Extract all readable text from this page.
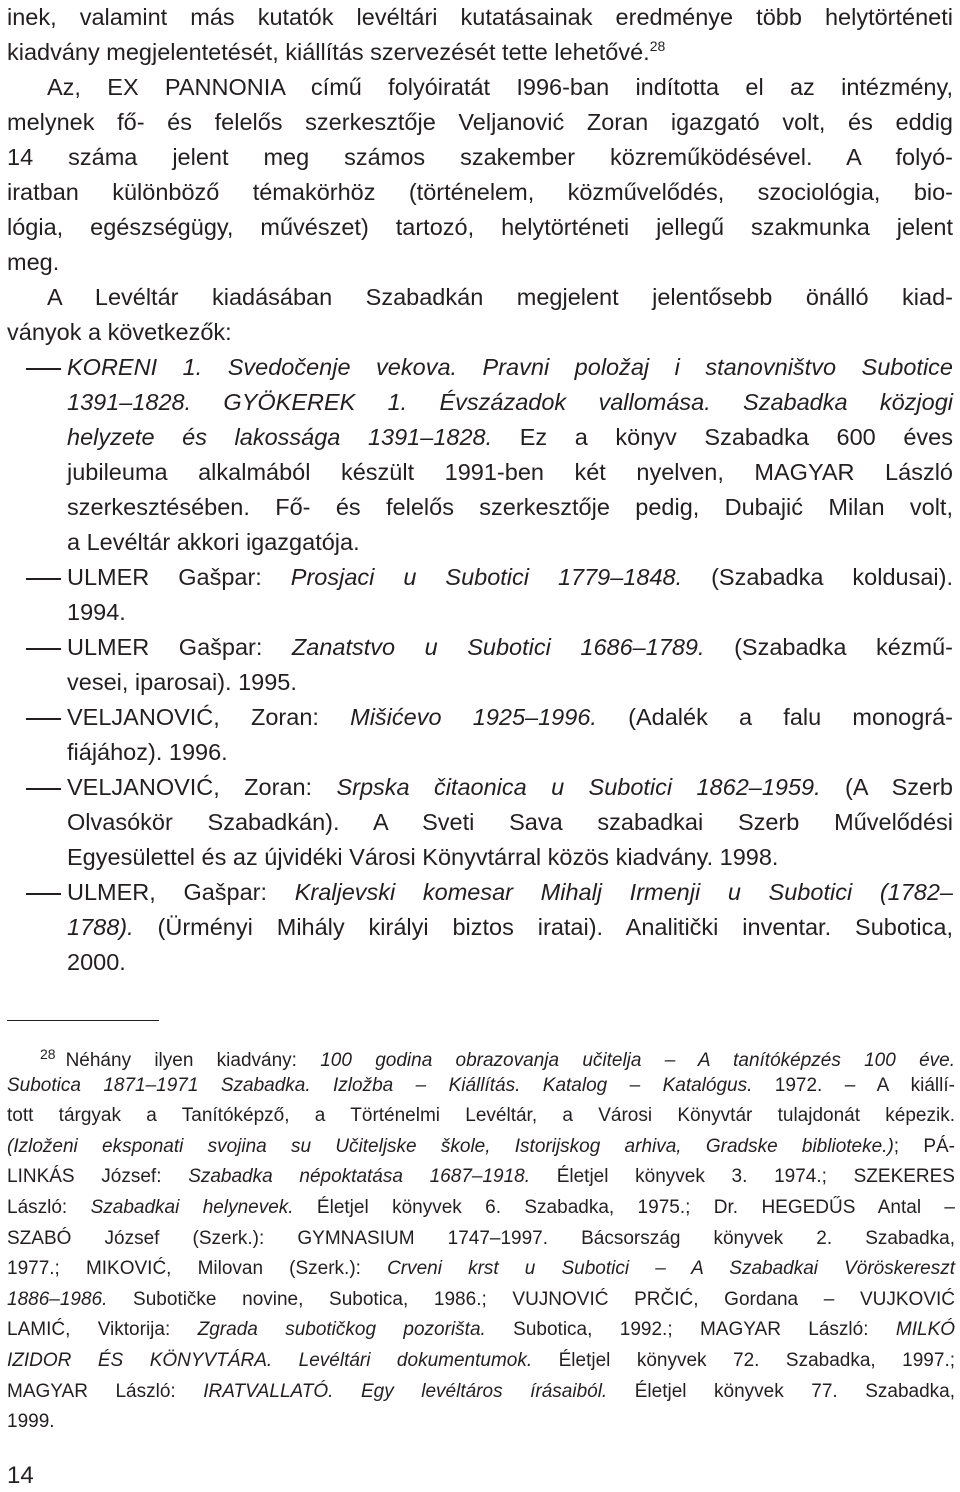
inek, valamint más kutatók levéltári kutatásainak eredménye több helytörténeti
kiadvány megjelentetését, kiállítás szervezését tette lehetővé.$^{28}$
Az, EX PANNONIA című folyóiratát I996-ban indította el az intézmény,
melynek fő- és felelős szerkesztője Veljanović Zoran igazgató volt, és eddig
14 száma jelent meg számos szakember közreműködésével. A folyó-
iratban különböző témakörhöz (történelem, közművelődés, szociológia, bio-
lógia, egészségügy, művészet) tartozó, helytörténeti jellegű szakmunka jelent
meg.
A Levéltár kiadásában Szabadkán megjelent jelentősebb önálló kiad-
ványok a következők:
KORENI 1. Svedočenje vekova. Pravni položaj i stanovništvo Subotice
1391–1828. GYÖKEREK 1. Évszázadok vallomása. Szabadka közjogi
helyzete és lakossága 1391–1828. Ez a könyv Szabadka 600 éves
jubileuma alkalmából készült 1991-ben két nyelven, MAGYAR László
szerkesztésében. Fő- és felelős szerkesztője pedig, Dubajić Milan volt,
a Levéltár akkori igazgatója.
ULMER Gašpar: Prosjaci u Subotici 1779–1848. (Szabadka koldusai).
1994.
ULMER Gašpar: Zanatstvo u Subotici 1686–1789. (Szabadka kézmű-
vesei, iparosai). 1995.
VELJANOVIĆ, Zoran: Mišićevo 1925–1996. (Adalék a falu monográ-
fiájához). 1996.
VELJANOVIĆ, Zoran: Srpska čitaonica u Subotici 1862–1959. (A Szerb
Olvasókör Szabadkán). A Sveti Sava szabadkai Szerb Művelődési
Egyesülettel és az újvidéki Városi Könyvtárral közös kiadvány. 1998.
ULMER, Gašpar: Kraljevski komesar Mihalj Irmenji u Subotici (1782–
1788). (Ürményi Mihály királyi biztos iratai). Analitički inventar. Subotica,
2000.
$^{28}$ Néhány ilyen kiadvány: 100 godina obrazovanja učitelja – A tanítóképzés 100 éve.
Subotica 1871–1971 Szabadka. Izložba – Kiállítás. Katalog – Katalógus. 1972. – A kiállí-
tott tárgyak a Tanítóképző, a Történelmi Levéltár, a Városi Könyvtár tulajdonát képezik.
(Izloženi eksponati svojina su Učiteljske škole, Istorijskog arhiva, Gradske biblioteke.); PÁ-
LINKÁS József: Szabadka népoktatása 1687–1918. Életjel könyvek 3. 1974.; SZEKERES
László: Szabadkai helynevek. Életjel könyvek 6. Szabadka, 1975.; Dr. HEGEDŰS Antal –
SZABÓ József (Szerk.): GYMNASIUM 1747–1997. Bácsország könyvek 2. Szabadka,
1977.; MIKOVIĆ, Milovan (Szerk.): Crveni krst u Subotici – A Szabadkai Vöröskereszt
1886–1986. Subotičke novine, Subotica, 1986.; VUJNOVIĆ PRČIĆ, Gordana – VUJKOVIĆ
LAMIĆ, Viktorija: Zgrada subotičkog pozorišta. Subotica, 1992.; MAGYAR László: MILKÓ
IZIDOR ÉS KÖNYVTÁRA. Levéltári dokumentumok. Életjel könyvek 72. Szabadka, 1997.;
MAGYAR László: IRATVALLATÓ. Egy levéltáros írásaiból. Életjel könyvek 77. Szabadka,
1999.
14
